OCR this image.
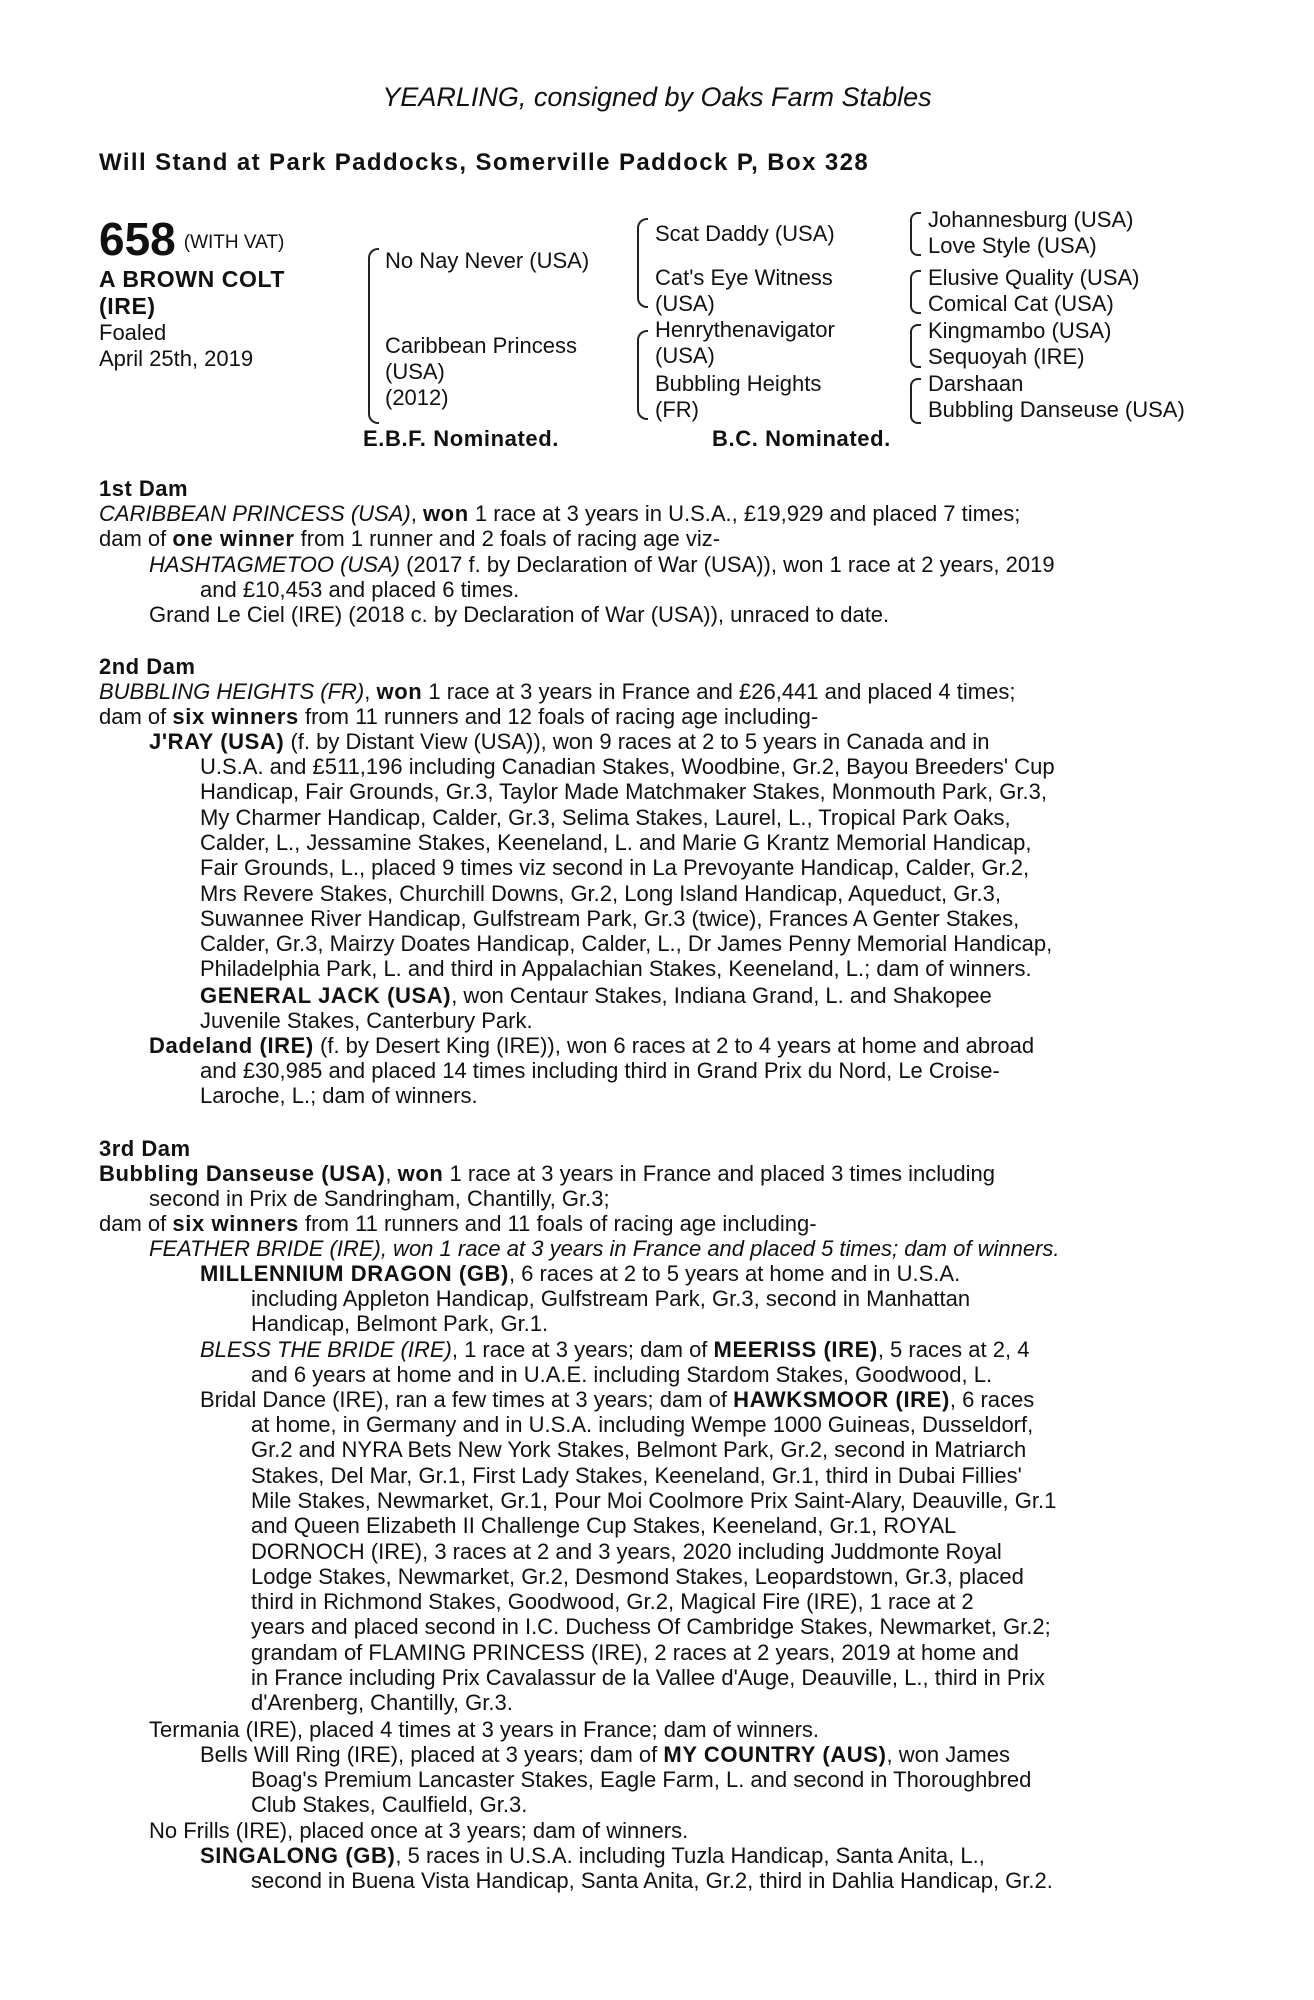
YEARLING, consigned by Oaks Farm Stables
Will Stand at Park Paddocks, Somerville Paddock P, Box 328
658 (WITH VAT)
A BROWN COLT
(IRE)
Foaled
April 25th, 2019
No Nay Never (USA)
Caribbean Princess
(USA)
(2012)
Scat Daddy (USA)
Cat's Eye Witness
(USA)
Henrythenavigator
(USA)
Bubbling Heights
(FR)
Johannesburg (USA)
Love Style (USA)
Elusive Quality (USA)
Comical Cat (USA)
Kingmambo (USA)
Sequoyah (IRE)
Darshaan
Bubbling Danseuse (USA)
E.B.F. Nominated.	B.C. Nominated.
1st Dam
CARIBBEAN PRINCESS (USA), won 1 race at 3 years in U.S.A., £19,929 and placed 7 times;
dam of one winner from 1 runner and 2 foals of racing age viz-
HASHTAGMETOO (USA) (2017 f. by Declaration of War (USA)), won 1 race at 2 years, 2019
and £10,453 and placed 6 times.
Grand Le Ciel (IRE) (2018 c. by Declaration of War (USA)), unraced to date.
2nd Dam
BUBBLING HEIGHTS (FR), won 1 race at 3 years in France and £26,441 and placed 4 times;
dam of six winners from 11 runners and 12 foals of racing age including-
J'RAY (USA) (f. by Distant View (USA)), won 9 races at 2 to 5 years in Canada and in
U.S.A. and £511,196 including Canadian Stakes, Woodbine, Gr.2, Bayou Breeders' Cup
Handicap, Fair Grounds, Gr.3, Taylor Made Matchmaker Stakes, Monmouth Park, Gr.3,
My Charmer Handicap, Calder, Gr.3, Selima Stakes, Laurel, L., Tropical Park Oaks,
Calder, L., Jessamine Stakes, Keeneland, L. and Marie G Krantz Memorial Handicap,
Fair Grounds, L., placed 9 times viz second in La Prevoyante Handicap, Calder, Gr.2,
Mrs Revere Stakes, Churchill Downs, Gr.2, Long Island Handicap, Aqueduct, Gr.3,
Suwannee River Handicap, Gulfstream Park, Gr.3 (twice), Frances A Genter Stakes,
Calder, Gr.3, Mairzy Doates Handicap, Calder, L., Dr James Penny Memorial Handicap,
Philadelphia Park, L. and third in Appalachian Stakes, Keeneland, L.; dam of winners.
GENERAL JACK (USA), won Centaur Stakes, Indiana Grand, L. and Shakopee
Juvenile Stakes, Canterbury Park.
Dadeland (IRE) (f. by Desert King (IRE)), won 6 races at 2 to 4 years at home and abroad
and £30,985 and placed 14 times including third in Grand Prix du Nord, Le Croise-
Laroche, L.; dam of winners.
3rd Dam
Bubbling Danseuse (USA), won 1 race at 3 years in France and placed 3 times including
second in Prix de Sandringham, Chantilly, Gr.3;
dam of six winners from 11 runners and 11 foals of racing age including-
FEATHER BRIDE (IRE), won 1 race at 3 years in France and placed 5 times; dam of winners.
MILLENNIUM DRAGON (GB), 6 races at 2 to 5 years at home and in U.S.A.
including Appleton Handicap, Gulfstream Park, Gr.3, second in Manhattan
Handicap, Belmont Park, Gr.1.
BLESS THE BRIDE (IRE), 1 race at 3 years; dam of MEERISS (IRE), 5 races at 2, 4
and 6 years at home and in U.A.E. including Stardom Stakes, Goodwood, L.
Bridal Dance (IRE), ran a few times at 3 years; dam of HAWKSMOOR (IRE), 6 races
at home, in Germany and in U.S.A. including Wempe 1000 Guineas, Dusseldorf,
Gr.2 and NYRA Bets New York Stakes, Belmont Park, Gr.2, second in Matriarch
Stakes, Del Mar, Gr.1, First Lady Stakes, Keeneland, Gr.1, third in Dubai Fillies'
Mile Stakes, Newmarket, Gr.1, Pour Moi Coolmore Prix Saint-Alary, Deauville, Gr.1
and Queen Elizabeth II Challenge Cup Stakes, Keeneland, Gr.1, ROYAL
DORNOCH (IRE), 3 races at 2 and 3 years, 2020 including Juddmonte Royal
Lodge Stakes, Newmarket, Gr.2, Desmond Stakes, Leopardstown, Gr.3, placed
third in Richmond Stakes, Goodwood, Gr.2, Magical Fire (IRE), 1 race at 2
years and placed second in I.C. Duchess Of Cambridge Stakes, Newmarket, Gr.2;
grandam of FLAMING PRINCESS (IRE), 2 races at 2 years, 2019 at home and
in France including Prix Cavalassur de la Vallee d'Auge, Deauville, L., third in Prix
d'Arenberg, Chantilly, Gr.3.
Termania (IRE), placed 4 times at 3 years in France; dam of winners.
Bells Will Ring (IRE), placed at 3 years; dam of MY COUNTRY (AUS), won James
Boag's Premium Lancaster Stakes, Eagle Farm, L. and second in Thoroughbred
Club Stakes, Caulfield, Gr.3.
No Frills (IRE), placed once at 3 years; dam of winners.
SINGALONG (GB), 5 races in U.S.A. including Tuzla Handicap, Santa Anita, L.,
second in Buena Vista Handicap, Santa Anita, Gr.2, third in Dahlia Handicap, Gr.2.
